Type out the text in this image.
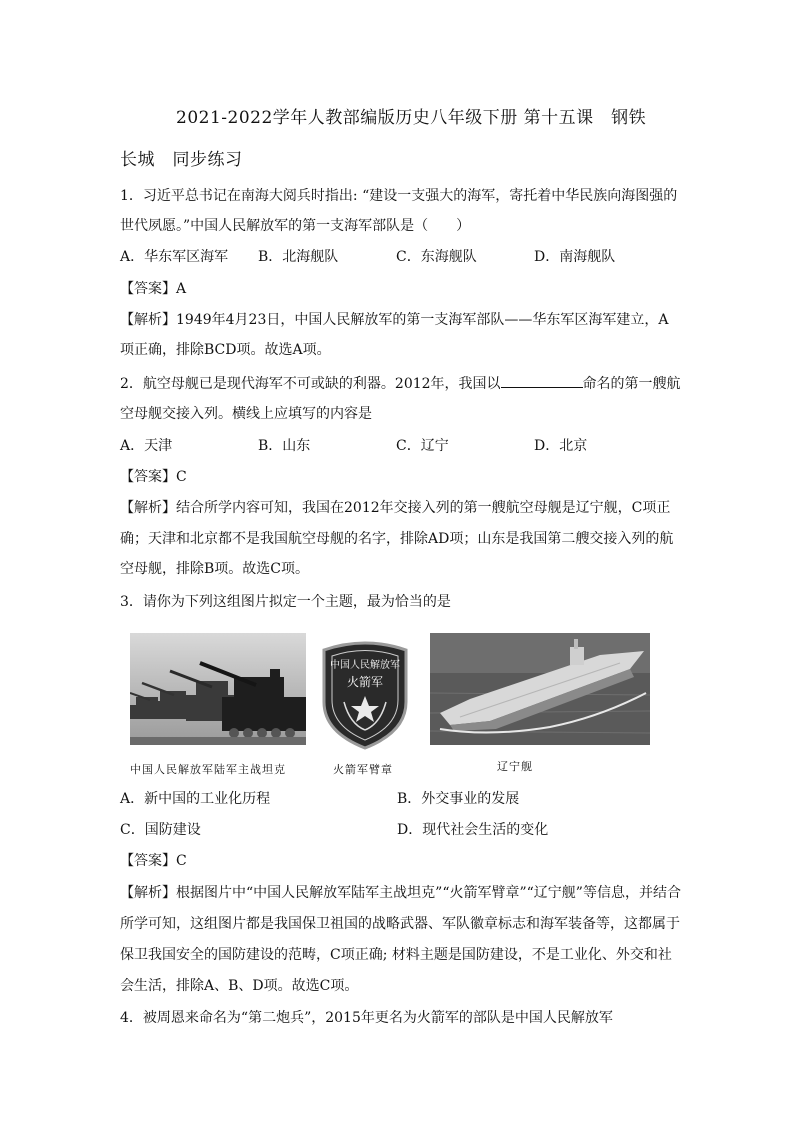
2021-2022学年人教部编版历史八年级下册 第十五课　钢铁
长城　同步练习
1．习近平总书记在南海大阅兵时指出: “建设一支强大的海军，寄托着中华民族向海图强的
世代夙愿。”中国人民解放军的第一支海军部队是（　　）
A．华东军区海军 B．北海舰队	C．东海舰队	D．南海舰队
【答案】A
【解析】1949年4月23日，中国人民解放军的第一支海军部队——华东军区海军建立，A
项正确，排除BCD项。故选A项。
2．航空母舰已是现代海军不可或缺的利器。2012年，我国以	命名的第一艘航
空母舰交接入列。横线上应填写的内容是
A．天津	B．山东	C．辽宁	D．北京
【答案】C
【解析】结合所学内容可知，我国在2012年交接入列的第一艘航空母舰是辽宁舰，C项正
确；天津和北京都不是我国航空母舰的名字，排除AD项；山东是我国第二艘交接入列的航
空母舰，排除B项。故选C项。
3．请你为下列这组图片拟定一个主题，最为恰当的是
中国人民解放军
火箭军
中国人民解放军陆军主战坦克	火箭军臂章	辽宁舰
A．新中国的工业化历程	B．外交事业的发展
C．国防建设	D．现代社会生活的变化
【答案】C
【解析】根据图片中“中国人民解放军陆军主战坦克”“火箭军臂章”“辽宁舰”等信息，并结合
所学可知，这组图片都是我国保卫祖国的战略武器、军队徽章标志和海军装备等，这都属于
保卫我国安全的国防建设的范畴，C项正确; 材料主题是国防建设，不是工业化、外交和社
会生活，排除A、B、D项。故选C项。
4．被周恩来命名为“第二炮兵”，2015年更名为火箭军的部队是中国人民解放军
